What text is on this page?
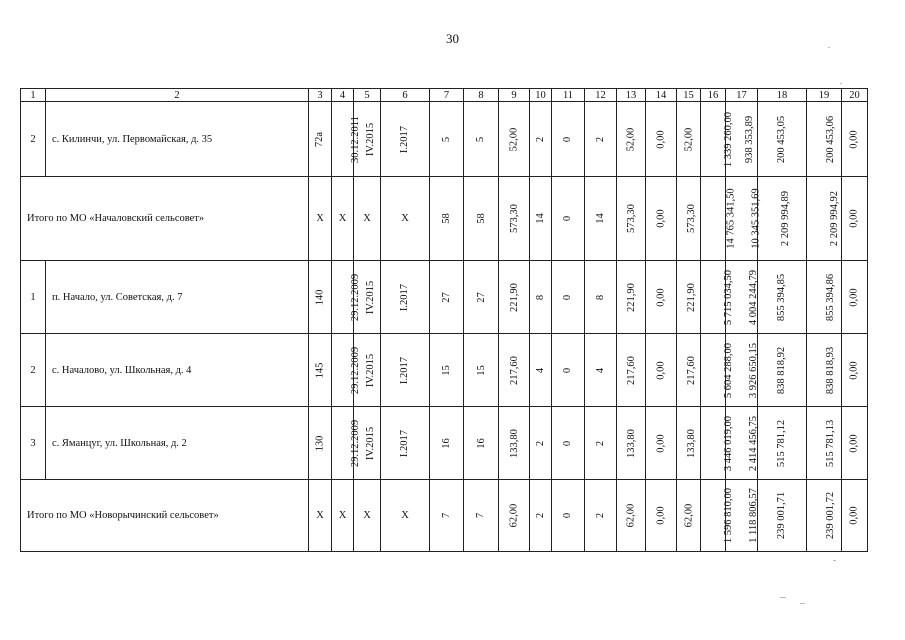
30
1	2	3	4	5	6	7	8	9	10	11	12	13	14	15	16	17	18	19	20
2	с. Килинчи, ул. Первомайская, д. 35	72а	30.12.2011	IV.2015	I.2017	5	5	52,00	2	0	2	52,00	0,00	52,00	1 339 260,00	938 353,89	200 453,05	200 453,06	0,00
Итого по МО «Началовский сельсовет»		X	X	X	X	58	58	573,30	14	0	14	573,30	0,00	573,30	14 765 341,50	10 345 351,69	2 209 994,89	2 209 994,92	0,00
1	п. Начало, ул. Советская, д. 7	140	29.12.2009	IV.2015	I.2017	27	27	221,90	8	0	8	221,90	0,00	221,90	5 715 034,50	4 004 244,79	855 394,85	855 394,86	0,00
2	с. Началово, ул. Школьная, д. 4	145	29.12.2009	IV.2015	I.2017	15	15	217,60	4	0	4	217,60	0,00	217,60	5 604 288,00	3 926 650,15	838 818,92	838 818,93	0,00
3	с. Яманцуг, ул. Школьная, д. 2	130	29.12.2009	IV.2015	I.2017	16	16	133,80	2	0	2	133,80	0,00	133,80	3 446 019,00	2 414 456,75	515 781,12	515 781,13	0,00
Итого по МО «Новорычинский сельсовет»		X	X	X	X	7	7	62,00	2	0	2	62,00	0,00	62,00	1 596 810,00	1 118 806,57	239 001,71	239 001,72	0,00
